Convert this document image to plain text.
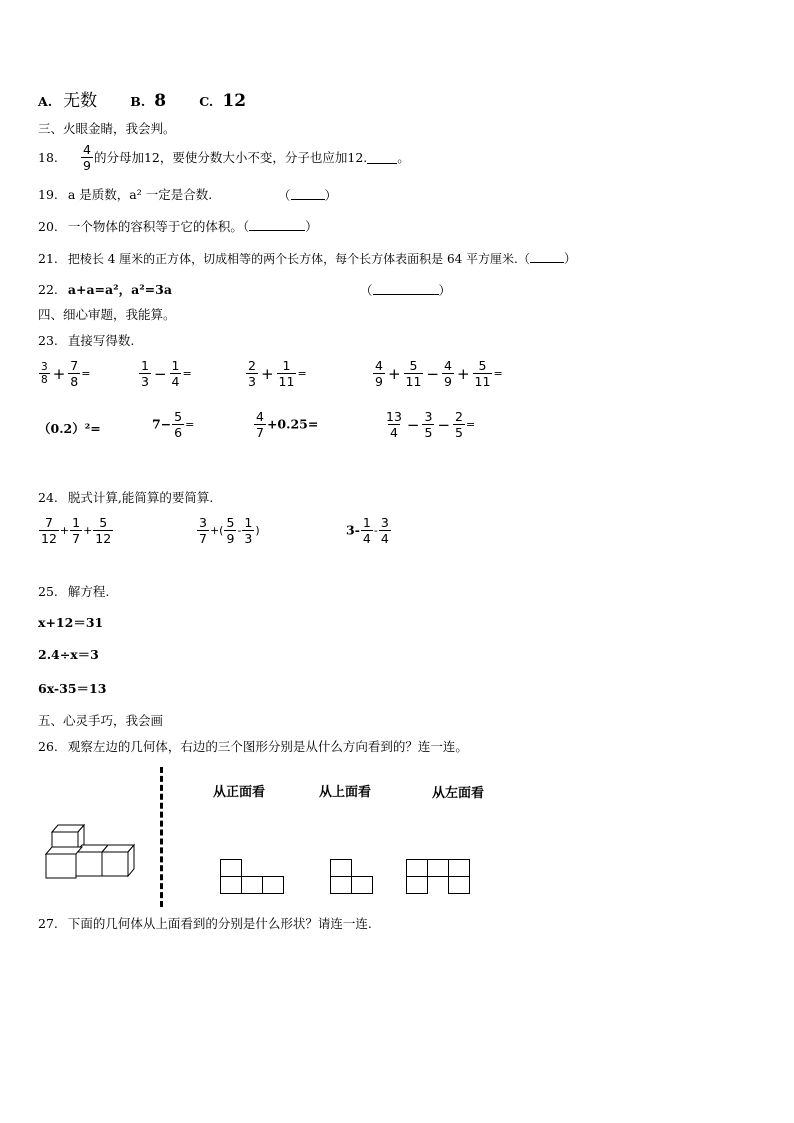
A. 无数	B. 8	C. 12
三、火眼金睛，我会判。
18.	$\frac{4}{9}$ 的分母加12，要使分数大小不变，分子也应加12. 。
19. a 是质数，a² 一定是合数.	（	）
20. 一个物体的容积等于它的体积。（	）
21. 把棱长 4 厘米的正方体，切成相等的两个长方体，每个长方体表面积是 64 平方厘米.（	）
22. a+a=a²，a²=3a	（	）
四、细心审题，我能算。
23. 直接写得数.
$\frac{3}{8} + \frac{7}{8}$ =	$\frac{1}{3} - \frac{1}{4}$ =	$\frac{2}{3} + \frac{1}{11}$ =	$\frac{4}{9} + \frac{5}{11} - \frac{4}{9} + \frac{5}{11}$ =
（0.2）²=	$7- \frac{5}{6}$ =	$\frac{4}{7} +0.25=$	$\frac{13}{4} - \frac{3}{5} - \frac{2}{5}$ =
24. 脱式计算,能简算的要简算.
$\frac{7}{12} + \frac{1}{7} + \frac{5}{12}$	$\frac{3}{7}$ +( $\frac{5}{9} - \frac{1}{3}$ )	$3- \frac{1}{4} - \frac{3}{4}$
25. 解方程.
x+12＝31
2.4÷x＝3
6x-35＝13
五、心灵手巧，我会画
26. 观察左边的几何体，右边的三个图形分别是从什么方向看到的？连一连。
从正面看	从上面看	从左面看
27. 下面的几何体从上面看到的分别是什么形状？请连一连.
